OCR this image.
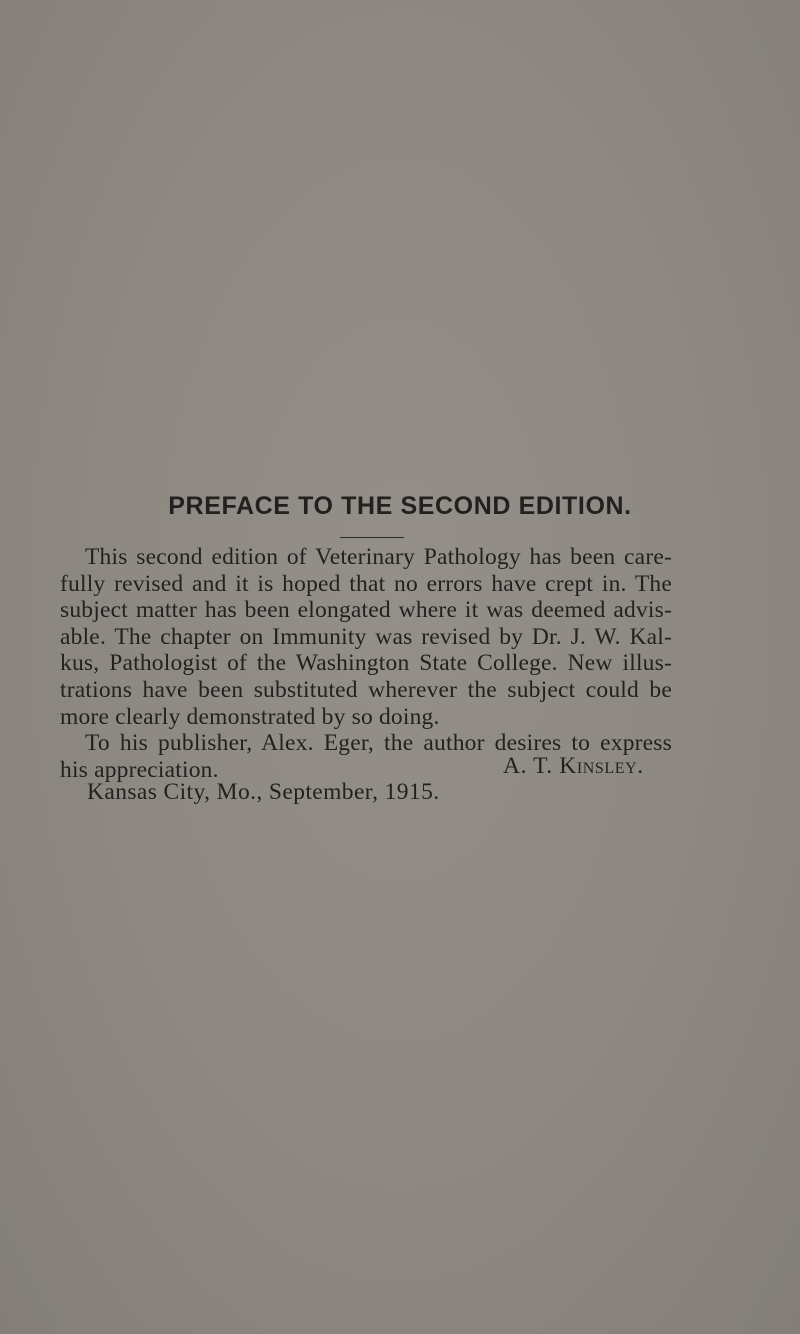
PREFACE TO THE SECOND EDITION.
This second edition of Veterinary Pathology has been care-
fully revised and it is hoped that no errors have crept in. The
subject matter has been elongated where it was deemed advis-
able. The chapter on Immunity was revised by Dr. J. W. Kal-
kus, Pathologist of the Washington State College. New illus-
trations have been substituted wherever the subject could be
more clearly demonstrated by so doing.
To his publisher, Alex. Eger, the author desires to express
his appreciation.	A. T. Kinsley.
Kansas City, Mo., September, 1915.
